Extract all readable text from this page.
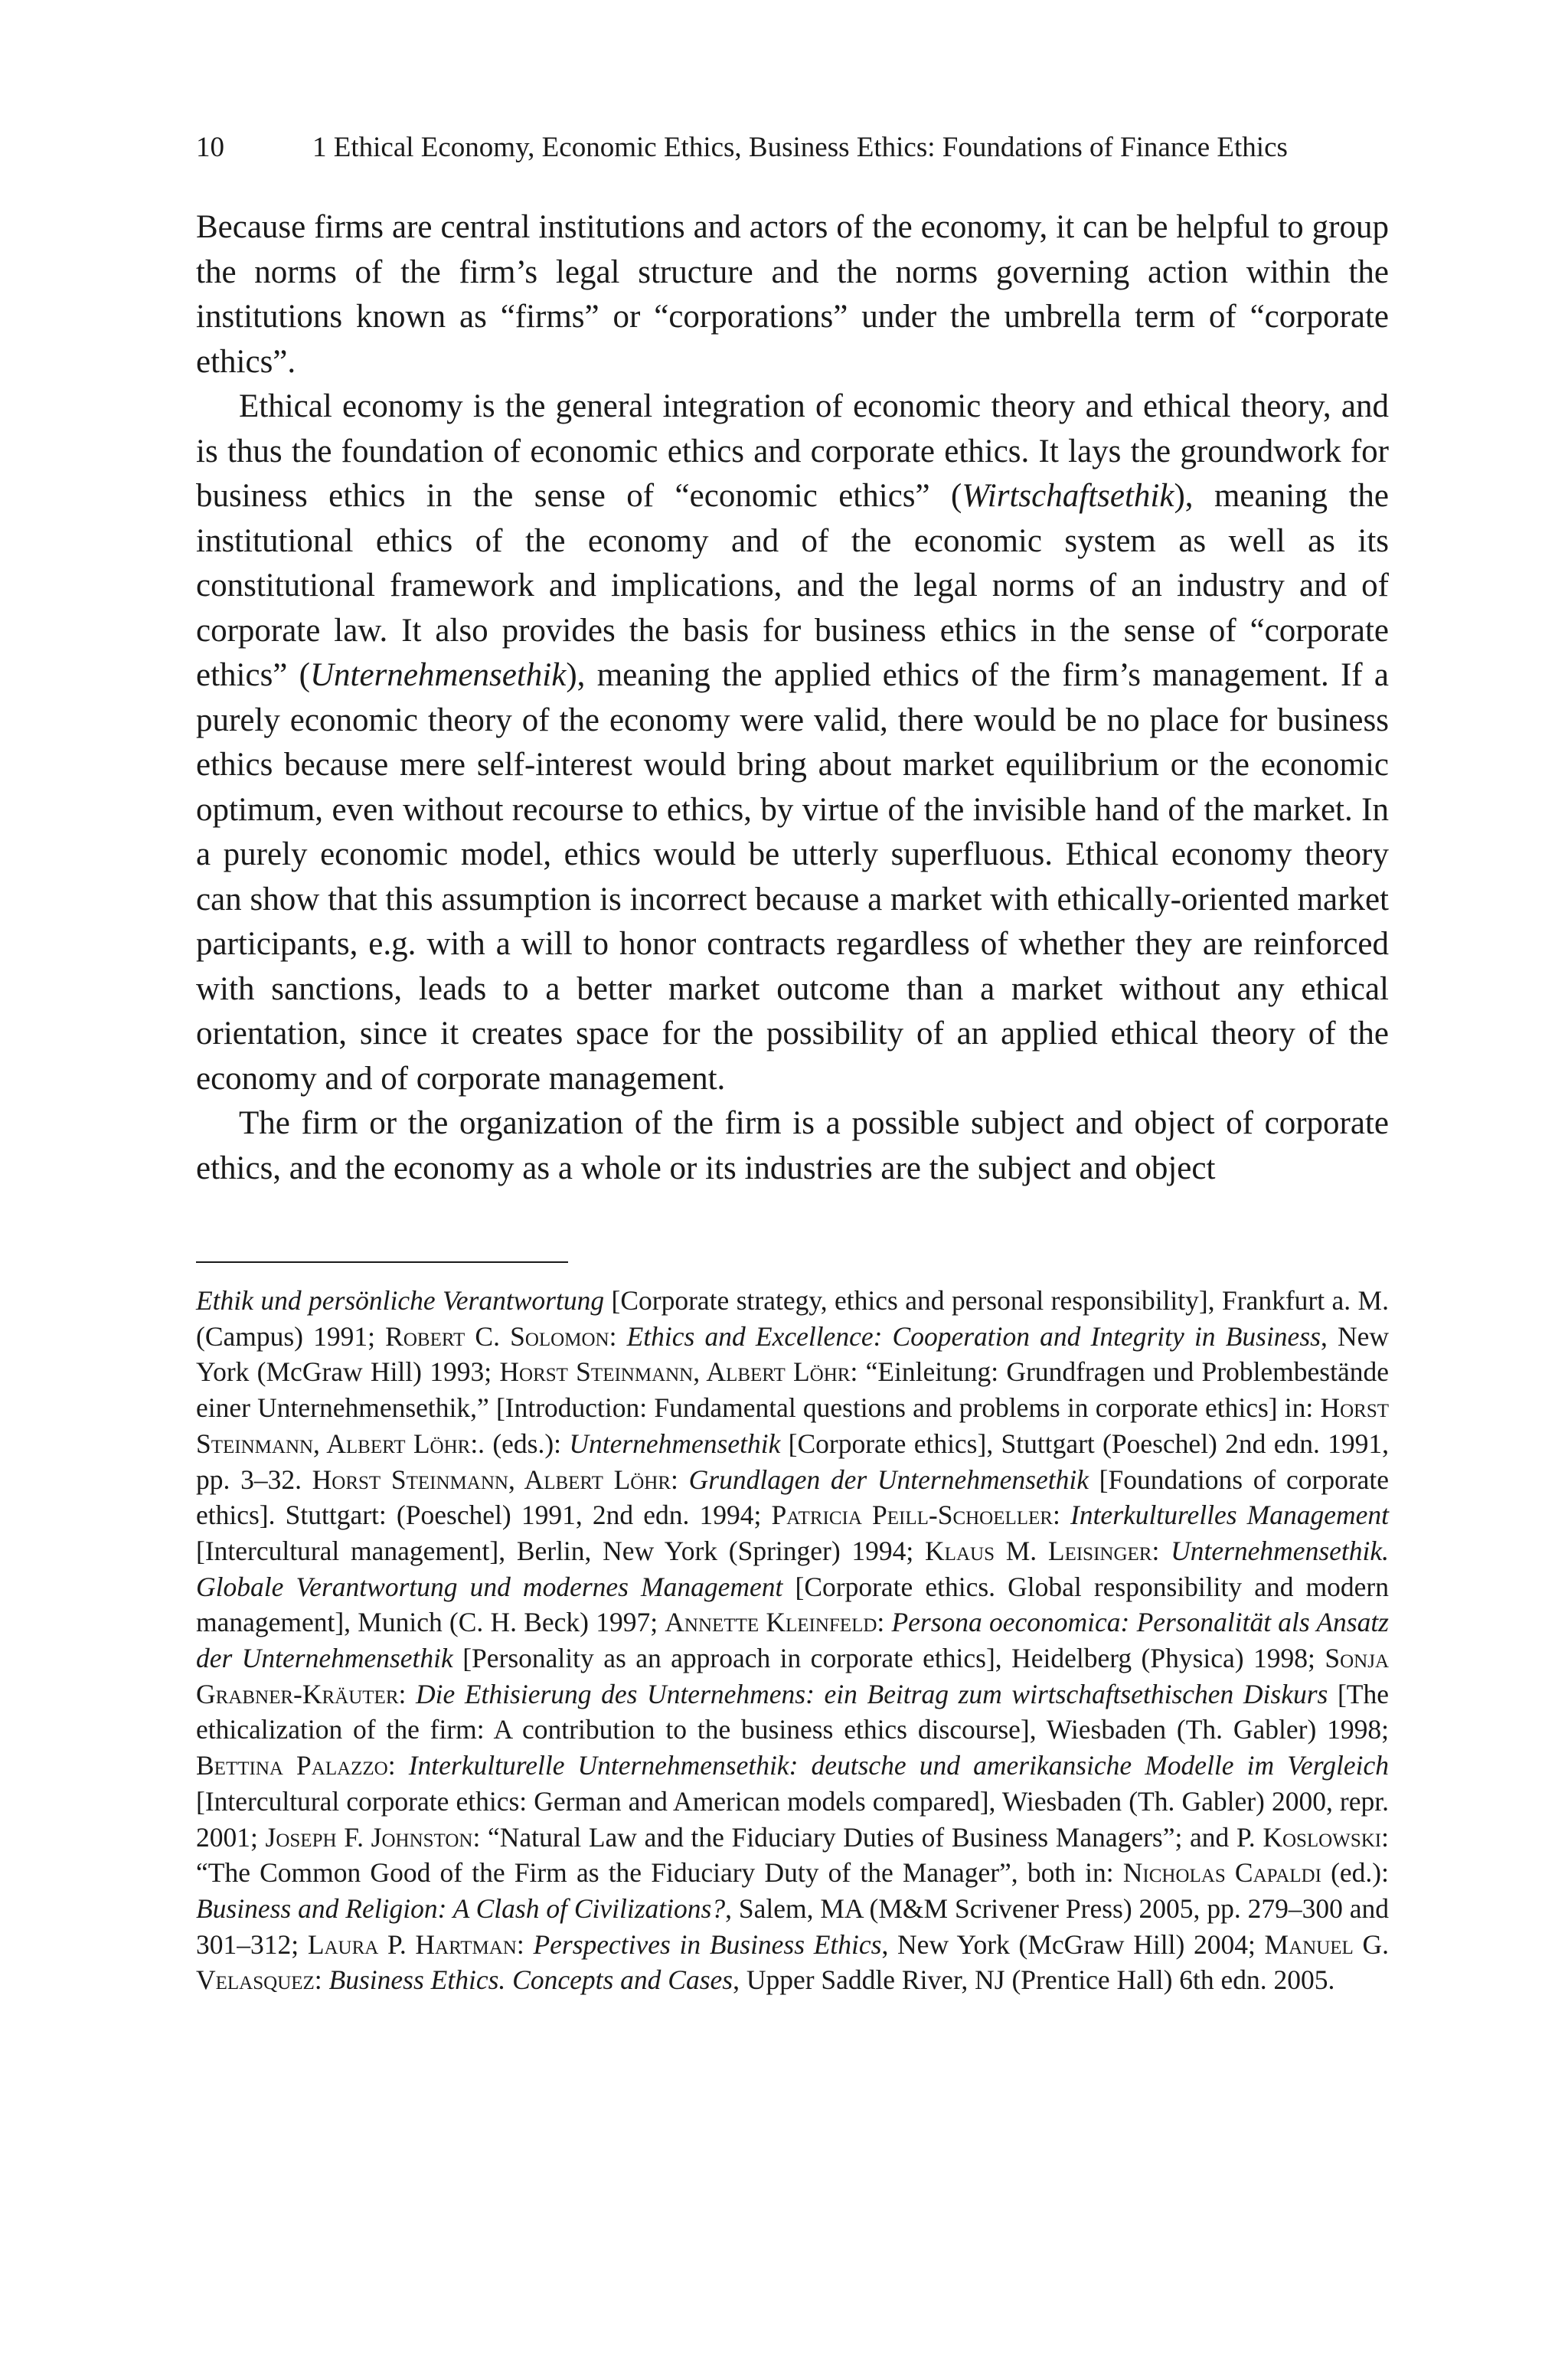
10	1 Ethical Economy, Economic Ethics, Business Ethics: Foundations of Finance Ethics

Because firms are central institutions and actors of the economy, it can be helpful to group the norms of the firm’s legal structure and the norms governing action within the institutions known as “firms” or “corporations” under the umbrella term of “corporate ethics”.

Ethical economy is the general integration of economic theory and ethical theory, and is thus the foundation of economic ethics and corporate ethics. It lays the groundwork for business ethics in the sense of “economic ethics” (Wirtschaftsethik), meaning the institutional ethics of the economy and of the economic system as well as its constitutional framework and implications, and the legal norms of an industry and of corporate law. It also provides the basis for business ethics in the sense of “corporate ethics” (Unternehmensethik), meaning the applied ethics of the firm’s management. If a purely economic theory of the economy were valid, there would be no place for business ethics because mere self-interest would bring about market equilibrium or the economic optimum, even without recourse to ethics, by virtue of the invisible hand of the market. In a purely economic model, ethics would be utterly superfluous. Ethical economy theory can show that this assumption is incorrect because a market with ethically-oriented market participants, e.g. with a will to honor contracts regardless of whether they are reinforced with sanctions, leads to a better market outcome than a market without any ethical orientation, since it creates space for the possibility of an applied ethical theory of the economy and of corporate management.

The firm or the organization of the firm is a possible subject and object of corporate ethics, and the economy as a whole or its industries are the subject and object

Ethik und persönliche Verantwortung [Corporate strategy, ethics and personal responsibility], Frankfurt a. M. (Campus) 1991; Robert C. Solomon: Ethics and Excellence: Cooperation and Integrity in Business, New York (McGraw Hill) 1993; Horst Steinmann, Albert Löhr: “Einleitung: Grundfragen und Problembestände einer Unternehmensethik,” [Introduction: Fundamental questions and problems in corporate ethics] in: Horst Steinmann, Albert Löhr:. (eds.): Unternehmensethik [Corporate ethics], Stuttgart (Poeschel) 2nd edn. 1991, pp. 3–32. Horst Steinmann, Albert Löhr: Grundlagen der Unternehmensethik [Foundations of corporate ethics]. Stuttgart: (Poeschel) 1991, 2nd edn. 1994; Patricia Peill-Schoeller: Interkulturelles Management [Intercultural management], Berlin, New York (Springer) 1994; Klaus M. Leisinger: Unternehmensethik. Globale Verantwortung und modernes Management [Corporate ethics. Global responsibility and modern management], Munich (C. H. Beck) 1997; Annette Kleinfeld: Persona oeconomica: Personalität als Ansatz der Unternehmensethik [Personality as an approach in corporate ethics], Heidelberg (Physica) 1998; Sonja Grabner-Kräuter: Die Ethisierung des Unternehmens: ein Beitrag zum wirtschaftsethischen Diskurs [The ethicalization of the firm: A contribution to the business ethics discourse], Wiesbaden (Th. Gabler) 1998; Bettina Palazzo: Interkulturelle Unternehmensethik: deutsche und amerikansiche Modelle im Vergleich [Intercultural corporate ethics: German and American models compared], Wiesbaden (Th. Gabler) 2000, repr. 2001; Joseph F. Johnston: “Natural Law and the Fiduciary Duties of Business Managers”; and P. Koslowski: “The Common Good of the Firm as the Fiduciary Duty of the Manager”, both in: Nicholas Capaldi (ed.): Business and Religion: A Clash of Civilizations?, Salem, MA (M&M Scrivener Press) 2005, pp. 279–300 and 301–312; Laura P. Hartman: Perspectives in Business Ethics, New York (McGraw Hill) 2004; Manuel G. Velasquez: Business Ethics. Concepts and Cases, Upper Saddle River, NJ (Prentice Hall) 6th edn. 2005.
